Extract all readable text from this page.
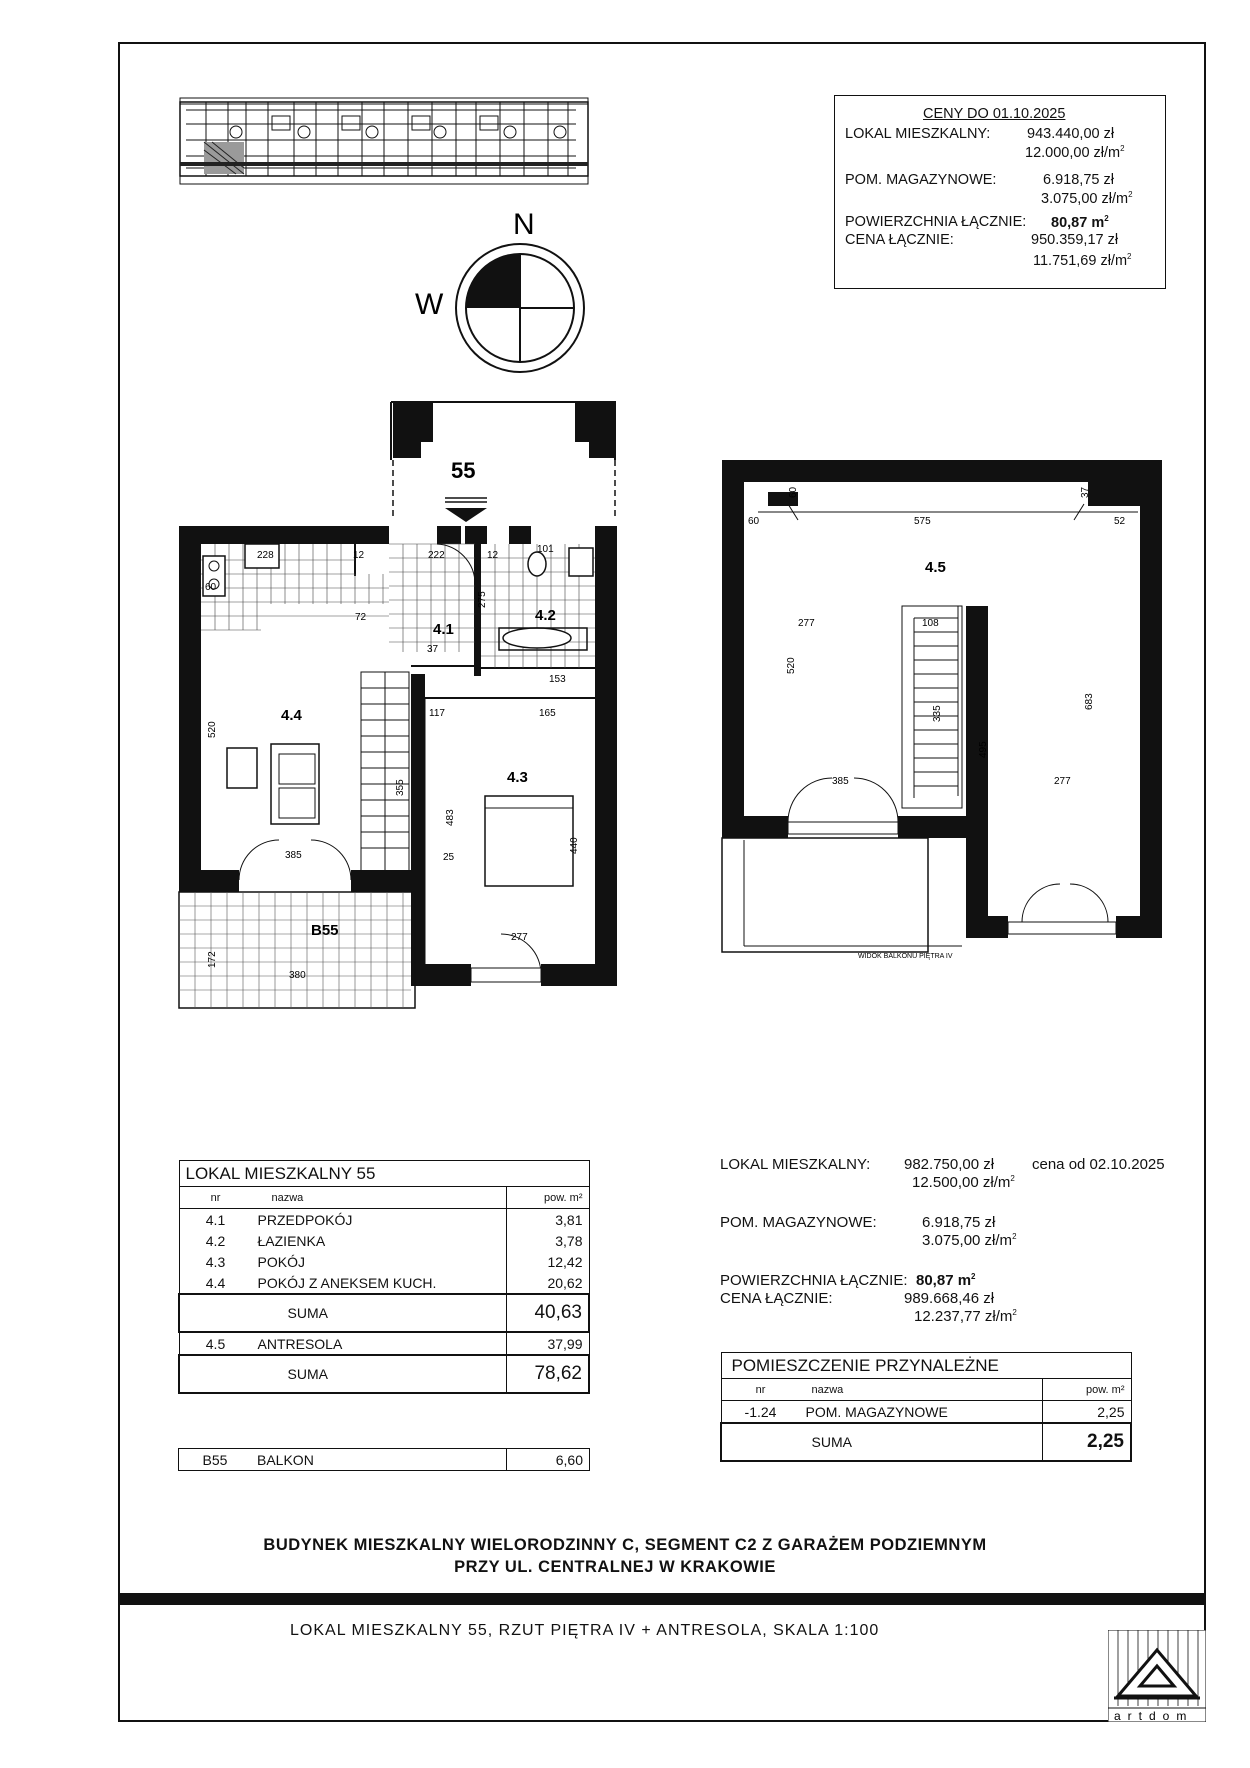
N
W
CENY DO 01.10.2025
LOKAL MIESZKALNY:	943.440,00 zł
12.000,00 $zł/m^2$
POM. MAGAZYNOWE:	6.918,75 zł
3.075,00 $zł/m^2$
POWIERZCHNIA ŁĄCZNIE: 80,87 $m^2$
CENA ŁĄCZNIE:	950.359,17 zł
11.751,69 $zł/m^2$
55
4.1
4.2
4.3
4.4
B55
228	12
60
72
222	12
101
37
153
117	165
385	25
277
380
483
440
520
355
172
275
4.5
60	575	52
277	108
385	277
WIDOK BALKONU PIĘTRA IV
60	37
520
683
335
495
LOKAL MIESZKALNY 55		
nr	nazwa	pow. m²
4.1	PRZEDPOKÓJ	3,81
4.2	ŁAZIENKA	3,78
4.3	POKÓJ	12,42
4.4	POKÓJ Z ANEKSEM KUCH.	20,62
	SUMA	40,63
4.5	ANTRESOLA	37,99
	SUMA	78,62
B55	BALKON	6,60
LOKAL MIESZKALNY: 982.750,00 zł	cena od 02.10.2025
12.500,00 $zł/m^2$
POM. MAGAZYNOWE:	6.918,75 zł
3.075,00 $zł/m^2$
POWIERZCHNIA ŁĄCZNIE: 80,87 $m^2$
CENA ŁĄCZNIE:	989.668,46 zł
12.237,77 $zł/m^2$
POMIESZCZENIE PRZYNALEŻNE		
nr	nazwa	pow. m²
-1.24	POM. MAGAZYNOWE	2,25
	SUMA	2,25
BUDYNEK MIESZKALNY WIELORODZINNY C, SEGMENT C2 Z GARAŻEM PODZIEMNYM
PRZY UL. CENTRALNEJ W KRAKOWIE
LOKAL MIESZKALNY 55, RZUT PIĘTRA IV + ANTRESOLA, SKALA 1:100
artdom
